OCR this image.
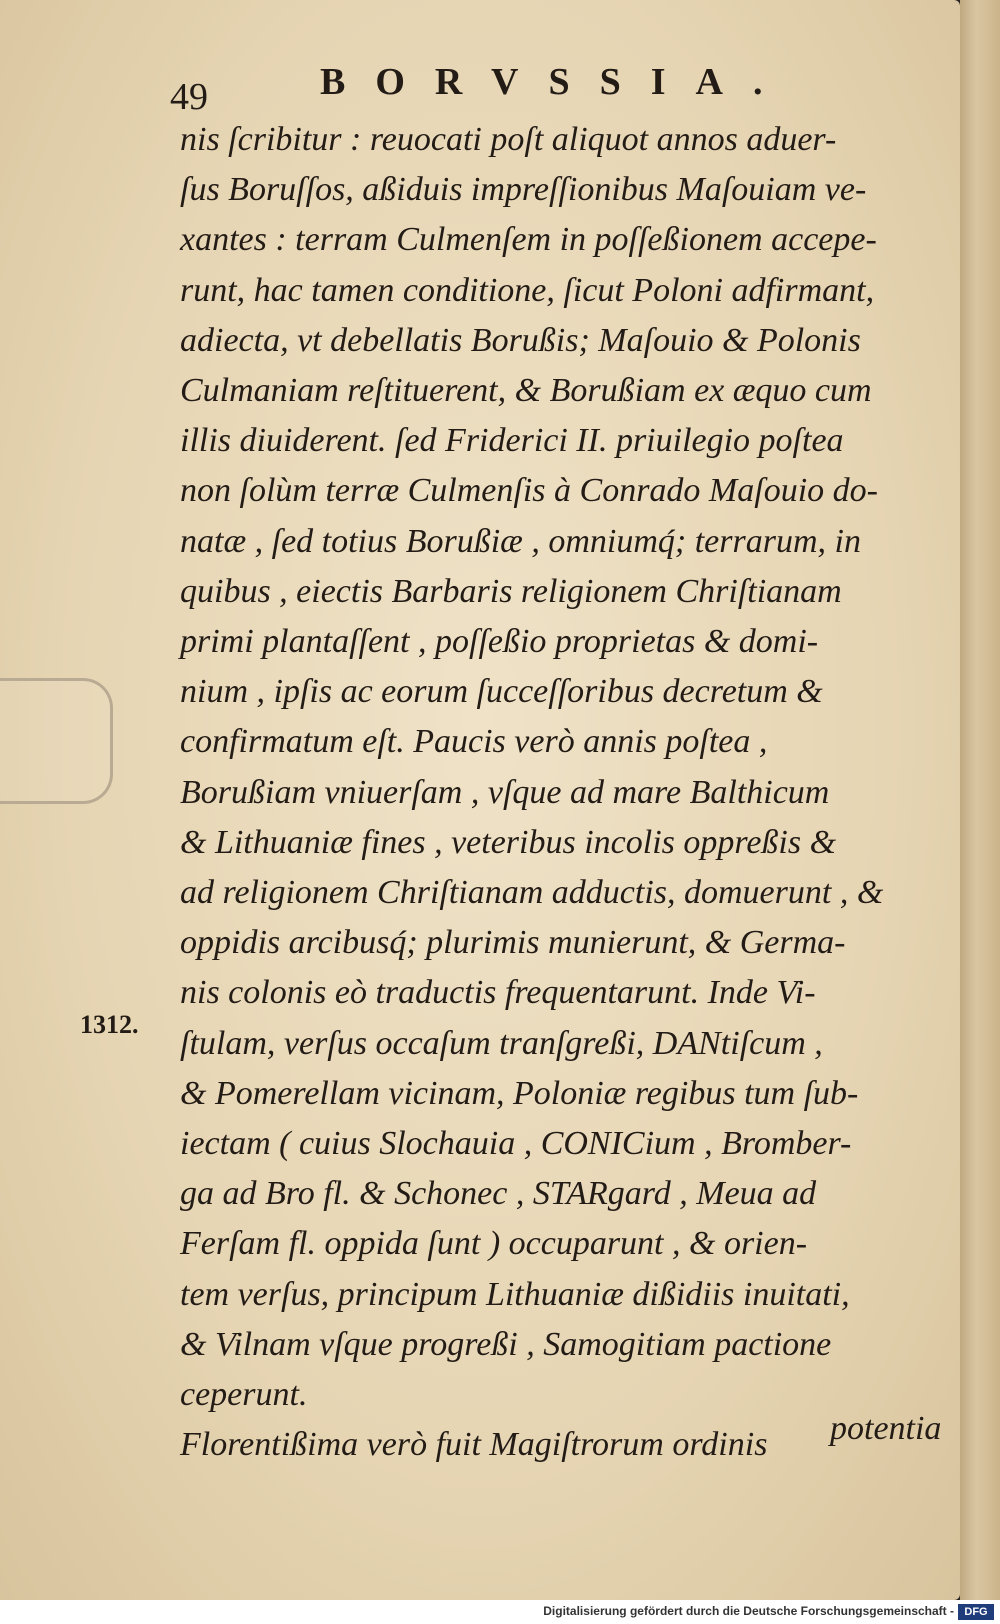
49	BORVSSIA.
1312.
nis ſcribitur : reuocati poſt aliquot annos aduer-
ſus Boruſſos, aßiduis impreſſionibus Maſouiam ve-
xantes : terram Culmenſem in poſſeßionem accepe-
runt, hac tamen conditione, ſicut Poloni adfirmant,
adiecta, vt debellatis Borußis; Maſouio & Polonis
Culmaniam reſtituerent, & Borußiam ex æquo cum
illis diuiderent. ſed Friderici II. priuilegio poſtea
non ſolùm terræ Culmenſis à Conrado Maſouio do-
natæ , ſed totius Borußiæ , omniumq́; terrarum, in
quibus , eiectis Barbaris religionem Chriſtianam
primi plantaſſent , poſſeßio proprietas & domi-
nium , ipſis ac eorum ſucceſſoribus decretum &
confirmatum eſt. Paucis verò annis poſtea ,
Borußiam vniuerſam , vſque ad mare Balthicum
& Lithuaniæ fines , veteribus incolis oppreßis &
ad religionem Chriſtianam adductis, domuerunt , &
oppidis arcibusq́; plurimis munierunt, & Germa-
nis colonis eò traductis frequentarunt. Inde Vi-
ſtulam, verſus occaſum tranſgreßi, DANtiſcum ,
& Pomerellam vicinam, Poloniæ regibus tum ſub-
iectam ( cuius Slochauia , CONICium , Bromber-
ga ad Bro fl. & Schonec , STARgard , Meua ad
Ferſam fl. oppida ſunt ) occuparunt , & orien-
tem verſus, principum Lithuaniæ dißidiis inuitati,
& Vilnam vſque progreßi , Samogitiam pactione
ceperunt.
Florentißima verò fuit Magiſtrorum ordinis	potentia
Digitalisierung gefördert durch die Deutsche Forschungsgemeinschaft - DFG
